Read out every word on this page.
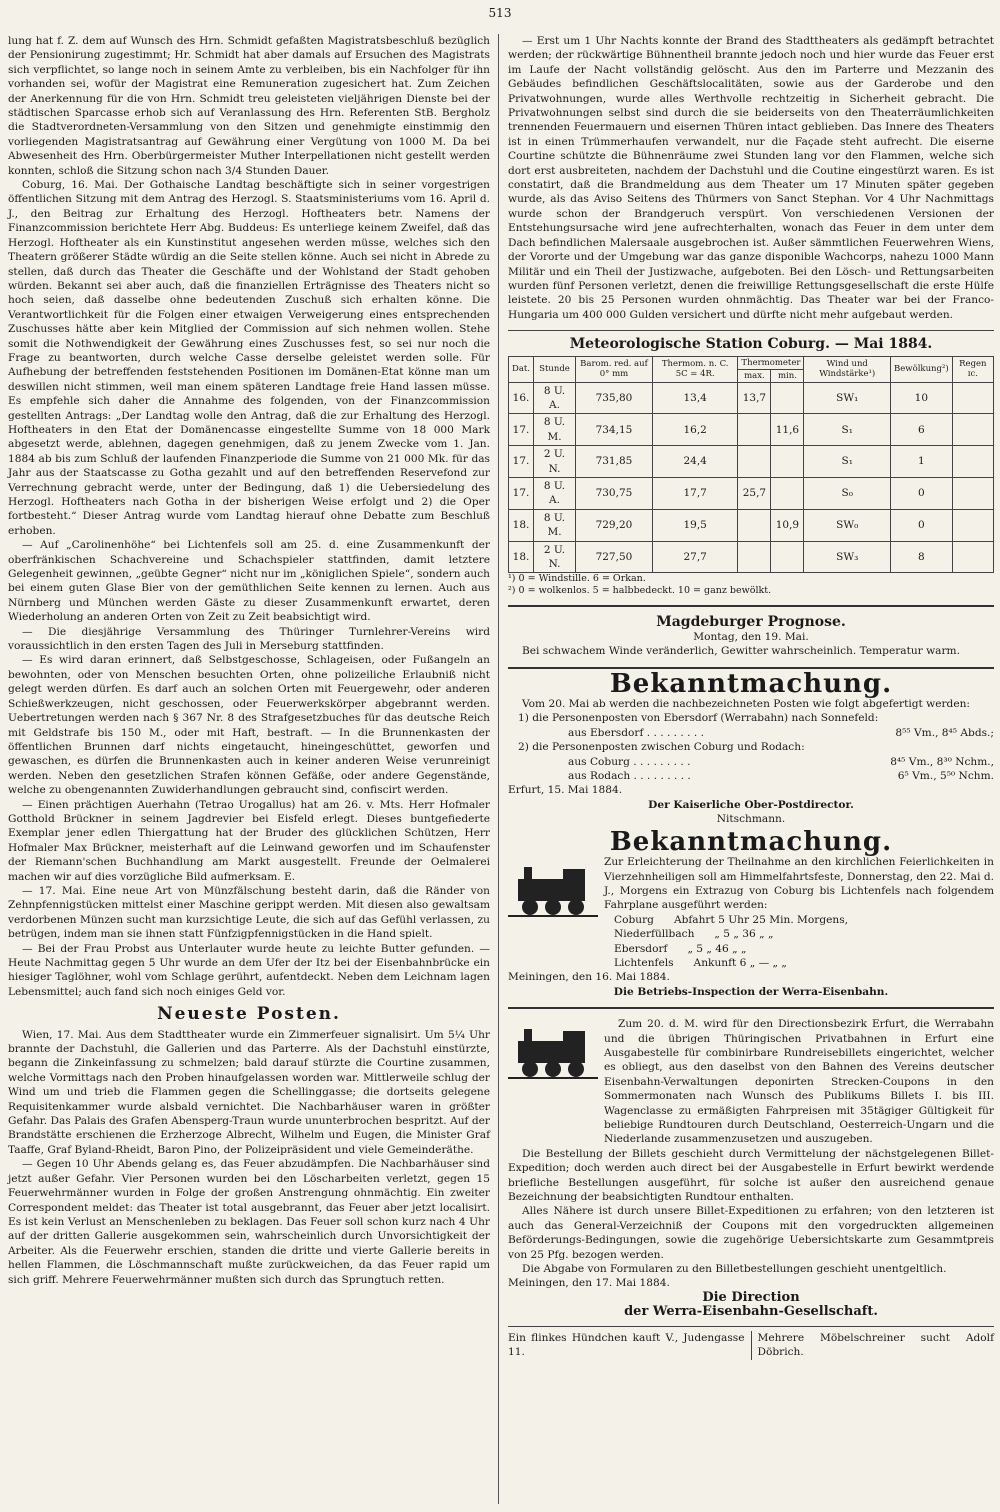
513

lung hat f. Z. dem auf Wunsch des Hrn. Schmidt gefaßten Magistratsbeschluß bezüglich der Pensionirung zugestimmt; Hr. Schmidt hat aber damals auf Ersuchen des Magistrats sich verpflichtet, so lange noch in seinem Amte zu verbleiben, bis ein Nachfolger für ihn vorhanden sei, wofür der Magistrat eine Remuneration zugesichert hat. Zum Zeichen der Anerkennung für die von Hrn. Schmidt treu geleisteten vieljährigen Dienste bei der städtischen Sparcasse erhob sich auf Veranlassung des Hrn. Referenten StB. Bergholz die Stadtverordneten-Versammlung von den Sitzen und genehmigte einstimmig den vorliegenden Magistratsantrag auf Gewährung einer Vergütung von 1000 M. Da bei Abwesenheit des Hrn. Oberbürgermeister Muther Interpellationen nicht gestellt werden konnten, schloß die Sitzung schon nach 3/4 Stunden Dauer.

Coburg, 16. Mai. Der Gothaische Landtag beschäftigte sich in seiner vorgestrigen öffentlichen Sitzung mit dem Antrag des Herzogl. S. Staatsministeriums vom 16. April d. J., den Beitrag zur Erhaltung des Herzogl. Hoftheaters betr. Namens der Finanzcommission berichtete Herr Abg. Buddeus: Es unterliege keinem Zweifel, daß das Herzogl. Hoftheater als ein Kunstinstitut angesehen werden müsse, welches sich den Theatern größerer Städte würdig an die Seite stellen könne. Auch sei nicht in Abrede zu stellen, daß durch das Theater die Geschäfte und der Wohlstand der Stadt gehoben würden. Bekannt sei aber auch, daß die finanziellen Erträgnisse des Theaters nicht so hoch seien, daß dasselbe ohne bedeutenden Zuschuß sich erhalten könne. Die Verantwortlichkeit für die Folgen einer etwaigen Verweigerung eines entsprechenden Zuschusses hätte aber kein Mitglied der Commission auf sich nehmen wollen. Stehe somit die Nothwendigkeit der Gewährung eines Zuschusses fest, so sei nur noch die Frage zu beantworten, durch welche Casse derselbe geleistet werden solle. Für Aufhebung der betreffenden feststehenden Positionen im Domänen-Etat könne man um deswillen nicht stimmen, weil man einem späteren Landtage freie Hand lassen müsse. Es empfehle sich daher die Annahme des folgenden, von der Finanzcommission gestellten Antrags: „Der Landtag wolle den Antrag, daß die zur Erhaltung des Herzogl. Hoftheaters in den Etat der Domänencasse eingestellte Summe von 18 000 Mark abgesetzt werde, ablehnen, dagegen genehmigen, daß zu jenem Zwecke vom 1. Jan. 1884 ab bis zum Schluß der laufenden Finanzperiode die Summe von 21 000 Mk. für das Jahr aus der Staatscasse zu Gotha gezahlt und auf den betreffenden Reservefond zur Verrechnung gebracht werde, unter der Bedingung, daß 1) die Uebersiedelung des Herzogl. Hoftheaters nach Gotha in der bisherigen Weise erfolgt und 2) die Oper fortbesteht.“ Dieser Antrag wurde vom Landtag hierauf ohne Debatte zum Beschluß erhoben.

— Auf „Carolinenhöhe“ bei Lichtenfels soll am 25. d. eine Zusammenkunft der oberfränkischen Schachvereine und Schachspieler stattfinden, damit letztere Gelegenheit gewinnen, „geübte Gegner“ nicht nur im „königlichen Spiele“, sondern auch bei einem guten Glase Bier von der gemüthlichen Seite kennen zu lernen. Auch aus Nürnberg und München werden Gäste zu dieser Zusammenkunft erwartet, deren Wiederholung an anderen Orten von Zeit zu Zeit beabsichtigt wird.

— Die diesjährige Versammlung des Thüringer Turnlehrer-Vereins wird voraussichtlich in den ersten Tagen des Juli in Merseburg stattfinden.

— Es wird daran erinnert, daß Selbstgeschosse, Schlageisen, oder Fußangeln an bewohnten, oder von Menschen besuchten Orten, ohne polizeiliche Erlaubniß nicht gelegt werden dürfen. Es darf auch an solchen Orten mit Feuergewehr, oder anderen Schießwerkzeugen, nicht geschossen, oder Feuerwerkskörper abgebrannt werden. Uebertretungen werden nach § 367 Nr. 8 des Strafgesetzbuches für das deutsche Reich mit Geldstrafe bis 150 M., oder mit Haft, bestraft. — In die Brunnenkasten der öffentlichen Brunnen darf nichts eingetaucht, hineingeschüttet, geworfen und gewaschen, es dürfen die Brunnenkasten auch in keiner anderen Weise verunreinigt werden. Neben den gesetzlichen Strafen können Gefäße, oder andere Gegenstände, welche zu obengenannten Zuwiderhandlungen gebraucht sind, confiscirt werden.

— Einen prächtigen Auerhahn (Tetrao Urogallus) hat am 26. v. Mts. Herr Hofmaler Gotthold Brückner in seinem Jagdrevier bei Eisfeld erlegt. Dieses buntgefiederte Exemplar jener edlen Thiergattung hat der Bruder des glücklichen Schützen, Herr Hofmaler Max Brückner, meisterhaft auf die Leinwand geworfen und im Schaufenster der Riemann'schen Buchhandlung am Markt ausgestellt. Freunde der Oelmalerei machen wir auf dies vorzügliche Bild aufmerksam. E.

— 17. Mai. Eine neue Art von Münzfälschung besteht darin, daß die Ränder von Zehnpfennigstücken mittelst einer Maschine gerippt werden. Mit diesen also gewaltsam verdorbenen Münzen sucht man kurzsichtige Leute, die sich auf das Gefühl verlassen, zu betrügen, indem man sie ihnen statt Fünfzigpfennigstücken in die Hand spielt.

— Bei der Frau Probst aus Unterlauter wurde heute zu leichte Butter gefunden. — Heute Nachmittag gegen 5 Uhr wurde an dem Ufer der Itz bei der Eisenbahnbrücke ein hiesiger Taglöhner, wohl vom Schlage gerührt, aufentdeckt. Neben dem Leichnam lagen Lebensmittel; auch fand sich noch einiges Geld vor.

Neueste Posten.

Wien, 17. Mai. Aus dem Stadttheater wurde ein Zimmerfeuer signalisirt. Um 5¼ Uhr brannte der Dachstuhl, die Gallerien und das Parterre. Als der Dachstuhl einstürzte, begann die Zinkeinfassung zu schmelzen; bald darauf stürzte die Courtine zusammen, welche Vormittags nach den Proben hinaufgelassen worden war. Mittlerweile schlug der Wind um und trieb die Flammen gegen die Schellinggasse; die dortseits gelegene Requisitenkammer wurde alsbald vernichtet. Die Nachbarhäuser waren in größter Gefahr. Das Palais des Grafen Abensperg-Traun wurde ununterbrochen bespritzt. Auf der Brandstätte erschienen die Erzherzoge Albrecht, Wilhelm und Eugen, die Minister Graf Taaffe, Graf Byland-Rheidt, Baron Pino, der Polizeipräsident und viele Gemeinderäthe.

— Gegen 10 Uhr Abends gelang es, das Feuer abzudämpfen. Die Nachbarhäuser sind jetzt außer Gefahr. Vier Personen wurden bei den Löscharbeiten verletzt, gegen 15 Feuerwehrmänner wurden in Folge der großen Anstrengung ohnmächtig. Ein zweiter Correspondent meldet: das Theater ist total ausgebrannt, das Feuer aber jetzt localisirt. Es ist kein Verlust an Menschenleben zu beklagen. Das Feuer soll schon kurz nach 4 Uhr auf der dritten Gallerie ausgekommen sein, wahrscheinlich durch Unvorsichtigkeit der Arbeiter. Als die Feuerwehr erschien, standen die dritte und vierte Gallerie bereits in hellen Flammen, die Löschmannschaft mußte zurückweichen, da das Feuer rapid um sich griff. Mehrere Feuerwehrmänner mußten sich durch das Sprungtuch retten.

— Erst um 1 Uhr Nachts konnte der Brand des Stadttheaters als gedämpft betrachtet werden; der rückwärtige Bühnentheil brannte jedoch noch und hier wurde das Feuer erst im Laufe der Nacht vollständig gelöscht. Aus den im Parterre und Mezzanin des Gebäudes befindlichen Geschäftslocalitäten, sowie aus der Garderobe und den Privatwohnungen, wurde alles Werthvolle rechtzeitig in Sicherheit gebracht. Die Privatwohnungen selbst sind durch die sie beiderseits von den Theaterräumlichkeiten trennenden Feuermauern und eisernen Thüren intact geblieben. Das Innere des Theaters ist in einen Trümmerhaufen verwandelt, nur die Façade steht aufrecht. Die eiserne Courtine schützte die Bühnenräume zwei Stunden lang vor den Flammen, welche sich dort erst ausbreiteten, nachdem der Dachstuhl und die Coutine eingestürzt waren. Es ist constatirt, daß die Brandmeldung aus dem Theater um 17 Minuten später gegeben wurde, als das Aviso Seitens des Thürmers von Sanct Stephan. Vor 4 Uhr Nachmittags wurde schon der Brandgeruch verspürt. Von verschiedenen Versionen der Entstehungsursache wird jene aufrechterhalten, wonach das Feuer in dem unter dem Dach befindlichen Malersaale ausgebrochen ist. Außer sämmtlichen Feuerwehren Wiens, der Vororte und der Umgebung war das ganze disponible Wachcorps, nahezu 1000 Mann Militär und ein Theil der Justizwache, aufgeboten. Bei den Lösch- und Rettungsarbeiten wurden fünf Personen verletzt, denen die freiwillige Rettungsgesellschaft die erste Hülfe leistete. 20 bis 25 Personen wurden ohnmächtig. Das Theater war bei der Franco-Hungaria um 400 000 Gulden versichert und dürfte nicht mehr aufgebaut werden.

Meteorologische Station Coburg. — Mai 1884.
Dat.	Stunde	Barom. red. auf 0° mm	Thermom. n. C. 5C = 4R.	Thermometer		Wind und Windstärke¹)	Bewölkung²)	Regen ɪc.
				max.	min.			
16.	8 U. A.	735,80	13,4	13,7		SW₁	10	
17.	8 U. M.	734,15	16,2		11,6	S₁	6	
17.	2 U. N.	731,85	24,4			S₁	1	
17.	8 U. A.	730,75	17,7	25,7		S₀	0	
18.	8 U. M.	729,20	19,5		10,9	SW₀	0	
18.	2 U. N.	727,50	27,7			SW₃	8	
¹) 0 = Windstille. 6 = Orkan.
²) 0 = wolkenlos. 5 = halbbedeckt. 10 = ganz bewölkt.
Magdeburger Prognose.
Montag, den 19. Mai.

Bei schwachem Winde veränderlich, Gewitter wahrscheinlich. Temperatur warm.

Bekanntmachung.

Vom 20. Mai ab werden die nachbezeichneten Posten wie folgt abgefertigt werden:

1) die Personenposten von Ebersdorf (Werrabahn) nach Sonnefeld:
aus Ebersdorf . . . . . . . . .	8⁵⁵ Vm., 8⁴⁵ Abds.;
2) die Personenposten zwischen Coburg und Rodach:
aus Coburg . . . . . . . . .	8⁴⁵ Vm., 8³⁰ Nchm.,
aus Rodach . . . . . . . . .	6⁵ Vm., 5⁵⁰ Nchm.
Erfurt, 15. Mai 1884.
Der Kaiserliche Ober-Postdirector.
Nitschmann.
Bekanntmachung.

Zur Erleichterung der Theilnahme an den kirchlichen Feierlichkeiten in Vierzehnheiligen soll am Himmelfahrtsfeste, Donnerstag, den 22. Mai d. J., Morgens ein Extrazug von Coburg bis Lichtenfels nach folgendem Fahrplane ausgeführt werden:

Coburg	Abfahrt 5 Uhr 25 Min. Morgens,
Niederfüllbach	„ 5 „ 36 „ „
Ebersdorf	„ 5 „ 46 „ „
Lichtenfels	Ankunft 6 „ — „ „
Meiningen, den 16. Mai 1884.
Die Betriebs-Inspection der Werra-Eisenbahn.

Zum 20. d. M. wird für den Directionsbezirk Erfurt, die Werrabahn und die übrigen Thüringischen Privatbahnen in Erfurt eine Ausgabestelle für combinirbare Rundreisebillets eingerichtet, welcher es obliegt, aus den daselbst von den Bahnen des Vereins deutscher Eisenbahn-Verwaltungen deponirten Strecken-Coupons in den Sommermonaten nach Wunsch des Publikums Billets I. bis III. Wagenclasse zu ermäßigten Fahrpreisen mit 35tägiger Gültigkeit für beliebige Rundtouren durch Deutschland, Oesterreich-Ungarn und die Niederlande zusammenzusetzen und auszugeben.

Die Bestellung der Billets geschieht durch Vermittelung der nächstgelegenen Billet-Expedition; doch werden auch direct bei der Ausgabestelle in Erfurt bewirkt werdende briefliche Bestellungen ausgeführt, für solche ist außer den ausreichend genaue Bezeichnung der beabsichtigten Rundtour enthalten.

Alles Nähere ist durch unsere Billet-Expeditionen zu erfahren; von den letzteren ist auch das General-Verzeichniß der Coupons mit den vorgedruckten allgemeinen Beförderungs-Bedingungen, sowie die zugehörige Uebersichtskarte zum Gesammtpreis von 25 Pfg. bezogen werden.

Die Abgabe von Formularen zu den Billetbestellungen geschieht unentgeltlich.

Meiningen, den 17. Mai 1884.
Die Direction
der Werra-Eisenbahn-Gesellschaft.
Ein flinkes Hündchen kauft V., Judengasse 11.
Mehrere Möbelschreiner sucht Adolf Döbrich.
